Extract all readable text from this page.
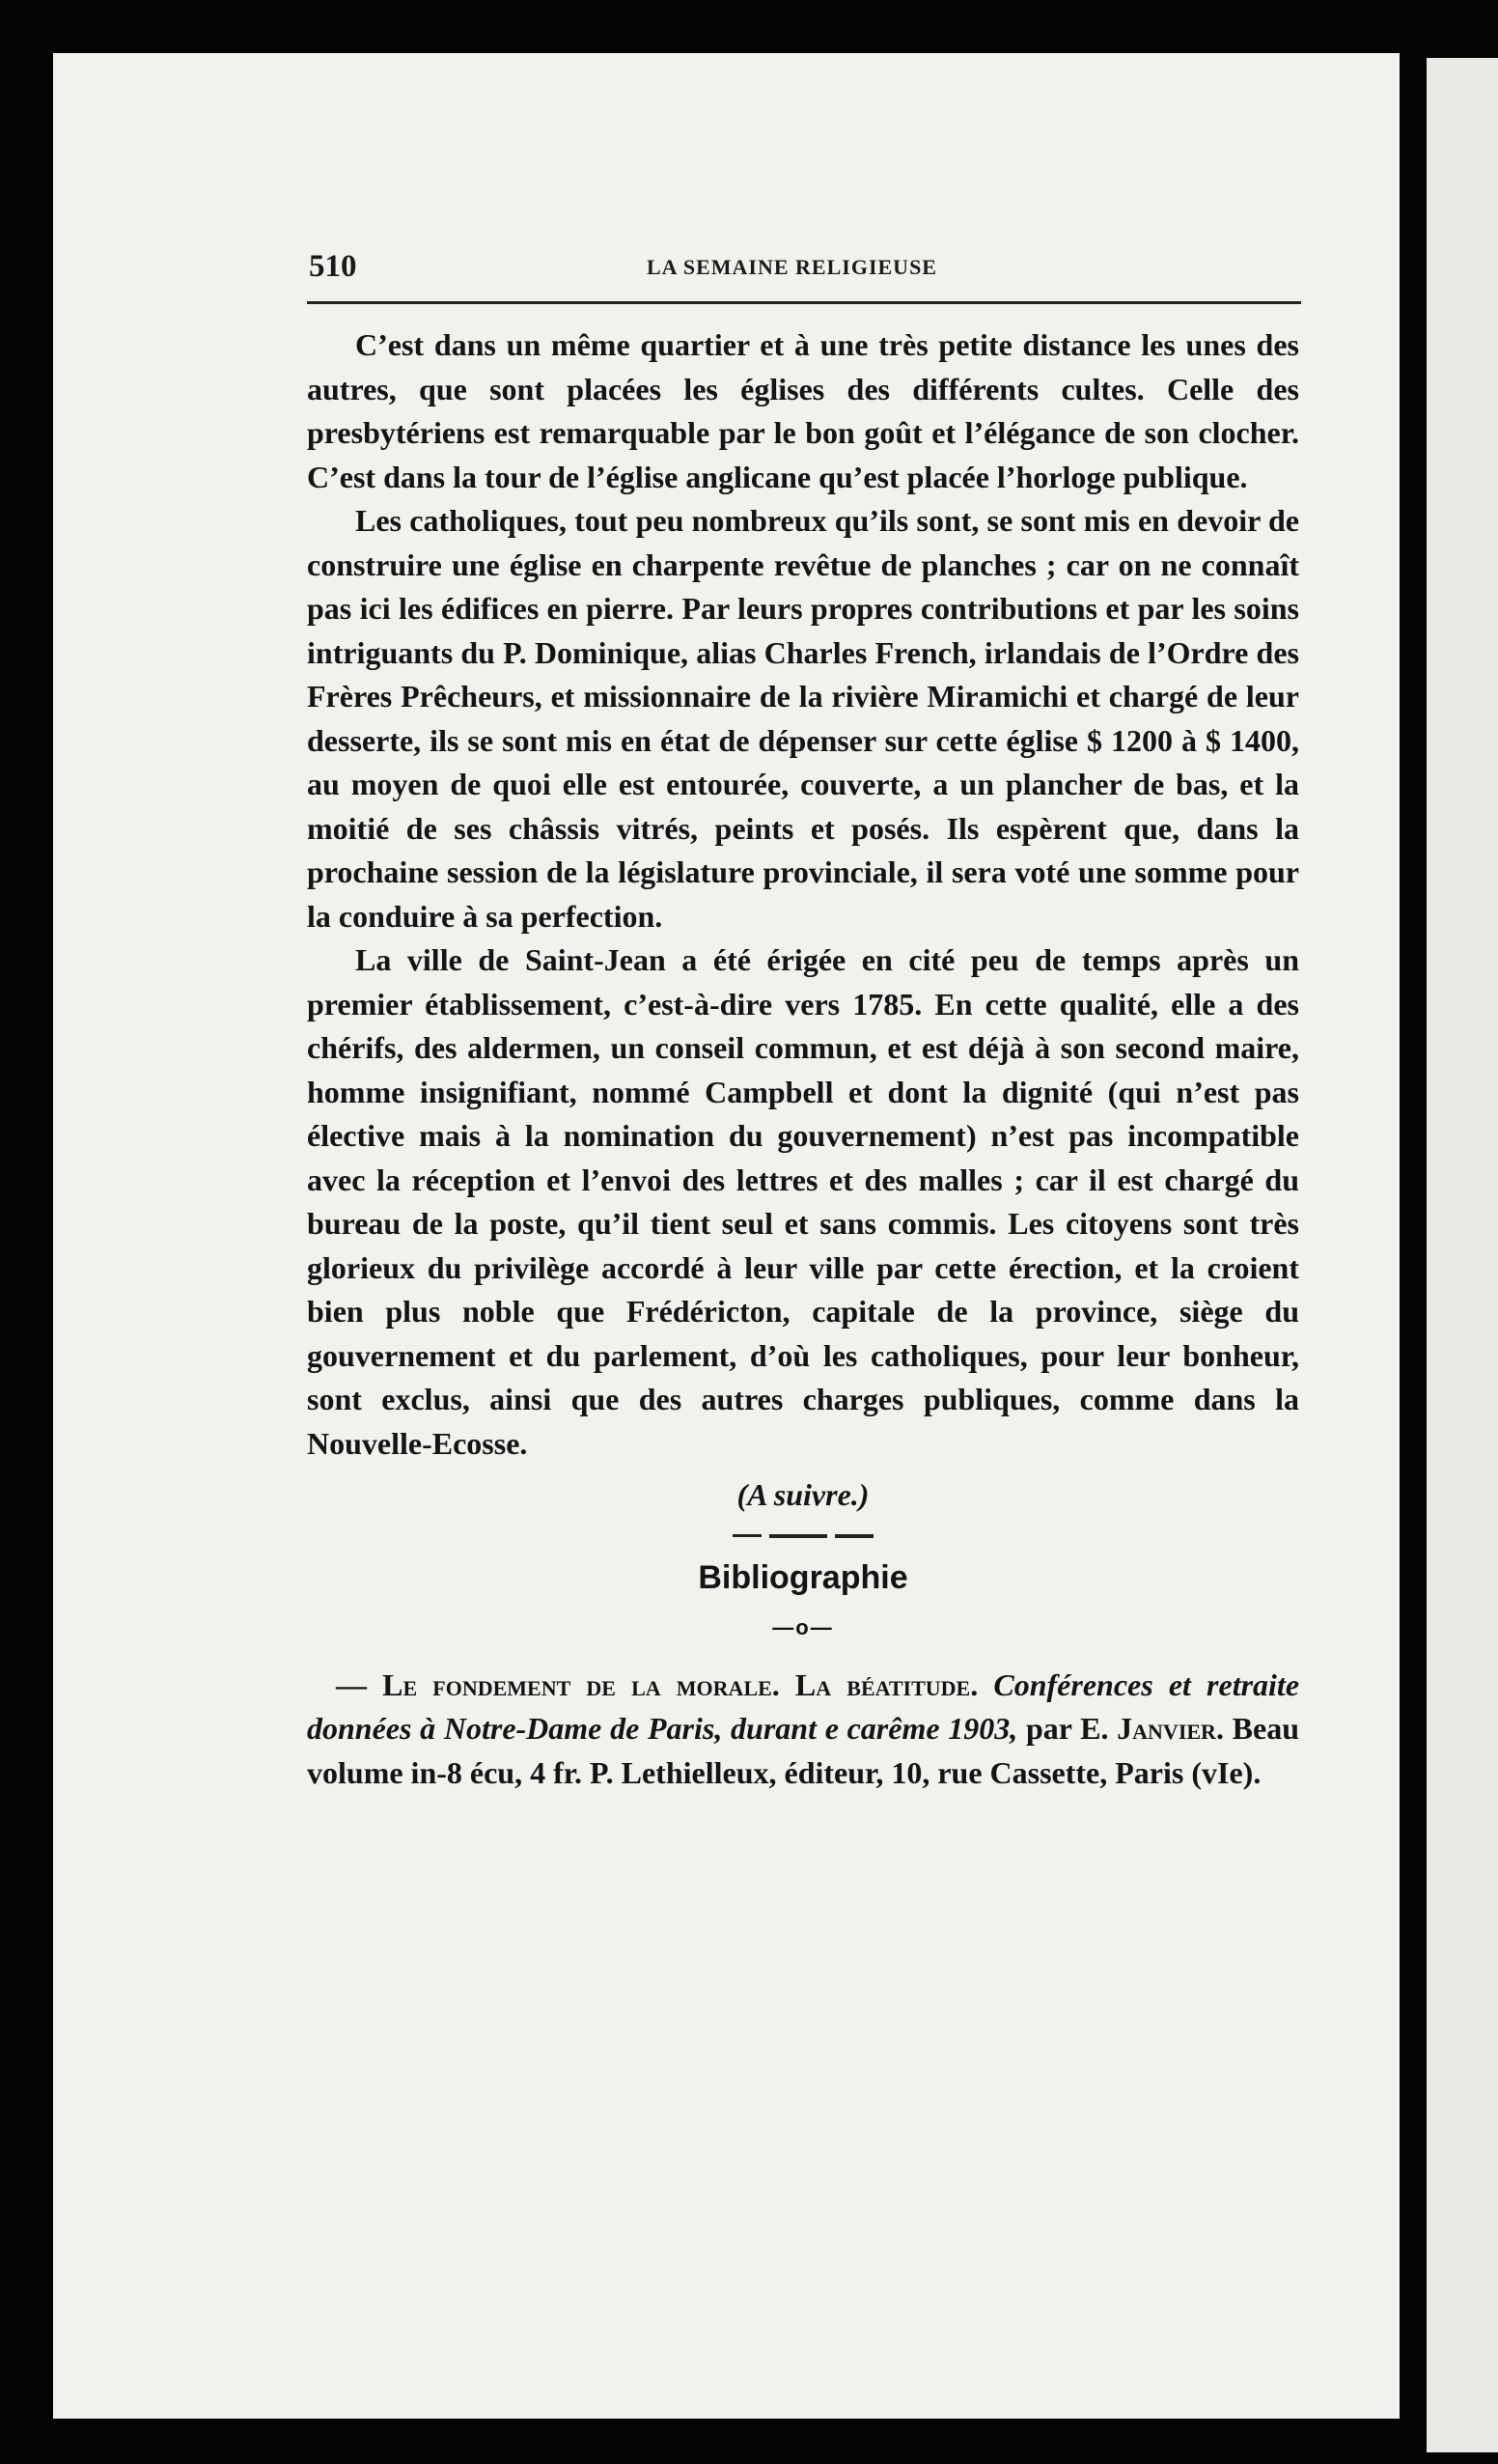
510	LA SEMAINE RELIGIEUSE

C’est dans un même quartier et à une très petite distance les unes des autres, que sont placées les églises des différents cultes. Celle des presbytériens est remarquable par le bon goût et l’élégance de son clocher. C’est dans la tour de l’église anglicane qu’est placée l’horloge publique.

Les catholiques, tout peu nombreux qu’ils sont, se sont mis en devoir de construire une église en charpente revêtue de planches ; car on ne connaît pas ici les édifices en pierre. Par leurs propres contributions et par les soins intriguants du P. Dominique, alias Charles French, irlandais de l’Ordre des Frères Prêcheurs, et missionnaire de la rivière Miramichi et chargé de leur desserte, ils se sont mis en état de dépenser sur cette église $ 1200 à $ 1400, au moyen de quoi elle est entourée, couverte, a un plancher de bas, et la moitié de ses châssis vitrés, peints et posés. Ils espèrent que, dans la prochaine session de la législature provinciale, il sera voté une somme pour la conduire à sa perfection.

La ville de Saint-Jean a été érigée en cité peu de temps après un premier établissement, c’est-à-dire vers 1785. En cette qualité, elle a des chérifs, des aldermen, un conseil commun, et est déjà à son second maire, homme insignifiant, nommé Campbell et dont la dignité (qui n’est pas élective mais à la nomination du gouvernement) n’est pas incompatible avec la réception et l’envoi des lettres et des malles ; car il est chargé du bureau de la poste, qu’il tient seul et sans commis. Les citoyens sont très glorieux du privilège accordé à leur ville par cette érection, et la croient bien plus noble que Frédéricton, capitale de la province, siège du gouvernement et du parlement, d’où les catholiques, pour leur bonheur, sont exclus, ainsi que des autres charges publiques, comme dans la Nouvelle-Ecosse.

(A suivre.)
Bibliographie
—o—

— Le fondement de la morale. La béatitude. Conférences et retraite données à Notre-Dame de Paris, durant e carême 1903, par E. Janvier. Beau volume in-8 écu, 4 fr. P. Lethielleux, éditeur, 10, rue Cassette, Paris (vIe).
